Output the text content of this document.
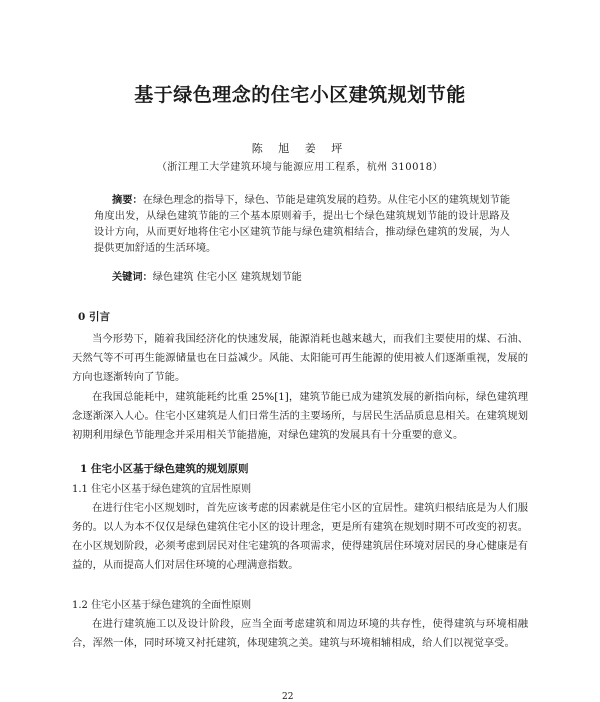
基于绿色理念的住宅小区建筑规划节能
陈 旭 姜 坪
（浙江理工大学建筑环境与能源应用工程系，杭州 310018）
摘要：在绿色理念的指导下，绿色、节能是建筑发展的趋势。从住宅小区的建筑规划节能角度出发，从绿色建筑节能的三个基本原则着手，提出七个绿色建筑规划节能的设计思路及设计方向，从而更好地将住宅小区建筑节能与绿色建筑相结合，推动绿色建筑的发展，为人提供更加舒适的生活环境。
关键词：绿色建筑 住宅小区 建筑规划节能
0 引言

当今形势下，随着我国经济化的快速发展，能源消耗也越来越大，而我们主要使用的煤、石油、天然气等不可再生能源储量也在日益减少。风能、太阳能可再生能源的使用被人们逐渐重视，发展的方向也逐渐转向了节能。

在我国总能耗中，建筑能耗约比重 25%[1]，建筑节能已成为建筑发展的新指向标，绿色建筑理念逐渐深入人心。住宅小区建筑是人们日常生活的主要场所，与居民生活品质息息相关。在建筑规划初期利用绿色节能理念并采用相关节能措施，对绿色建筑的发展具有十分重要的意义。

1 住宅小区基于绿色建筑的规划原则
1.1 住宅小区基于绿色建筑的宜居性原则

在进行住宅小区规划时，首先应该考虑的因素就是住宅小区的宜居性。建筑归根结底是为人们服务的。以人为本不仅仅是绿色建筑住宅小区的设计理念，更是所有建筑在规划时期不可改变的初衷。在小区规划阶段，必须考虑到居民对住宅建筑的各项需求，使得建筑居住环境对居民的身心健康是有益的，从而提高人们对居住环境的心理满意指数。

1.2 住宅小区基于绿色建筑的全面性原则

在进行建筑施工以及设计阶段，应当全面考虑建筑和周边环境的共存性，使得建筑与环境相融合，浑然一体，同时环境又衬托建筑，体现建筑之美。建筑与环境相辅相成，给人们以视觉享受。

22
